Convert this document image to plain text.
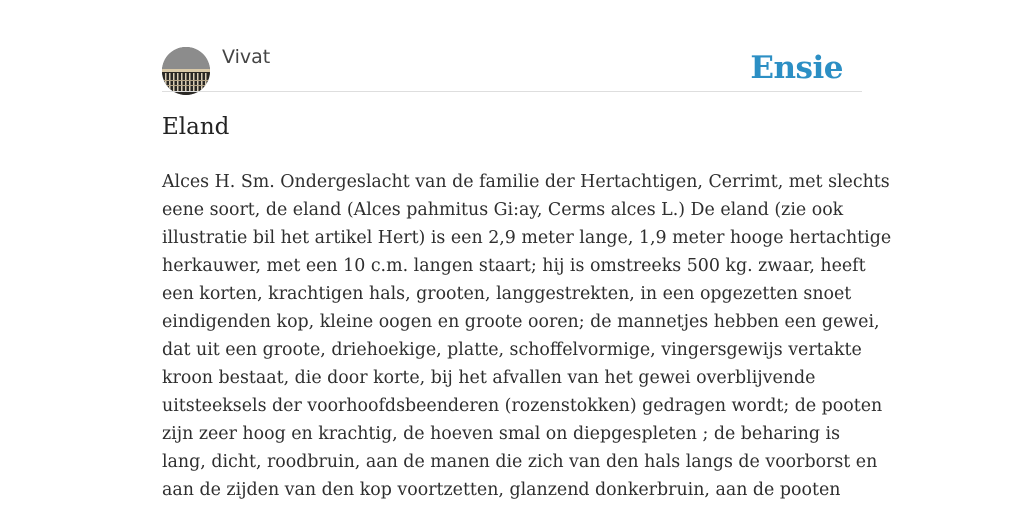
Vivat	Ensie
Eland

Alces H. Sm. Ondergeslacht van de familie der Hertachtigen, Cerrimt, met slechts
eene soort, de eland (Alces pahmitus Gi:ay, Cerms alces L.) De eland (zie ook
illustratie bil het artikel Hert) is een 2,9 meter lange, 1,9 meter hooge hertachtige
herkauwer, met een 10 c.m. langen staart; hij is omstreeks 500 kg. zwaar, heeft
een korten, krachtigen hals, grooten, langgestrekten, in een opgezetten snoet
eindigenden kop, kleine oogen en groote ooren; de mannetjes hebben een gewei,
dat uit een groote, driehoekige, platte, schoffelvormige, vingersgewijs vertakte
kroon bestaat, die door korte, bij het afvallen van het gewei overblijvende
uitsteeksels der voorhoofdsbeenderen (rozenstokken) gedragen wordt; de pooten
zijn zeer hoog en krachtig, de hoeven smal on diepgespleten ; de beharing is
lang, dicht, roodbruin, aan de manen die zich van den hals langs de voorborst en
aan de zijden van den kop voortzetten, glanzend donkerbruin, aan de pooten
